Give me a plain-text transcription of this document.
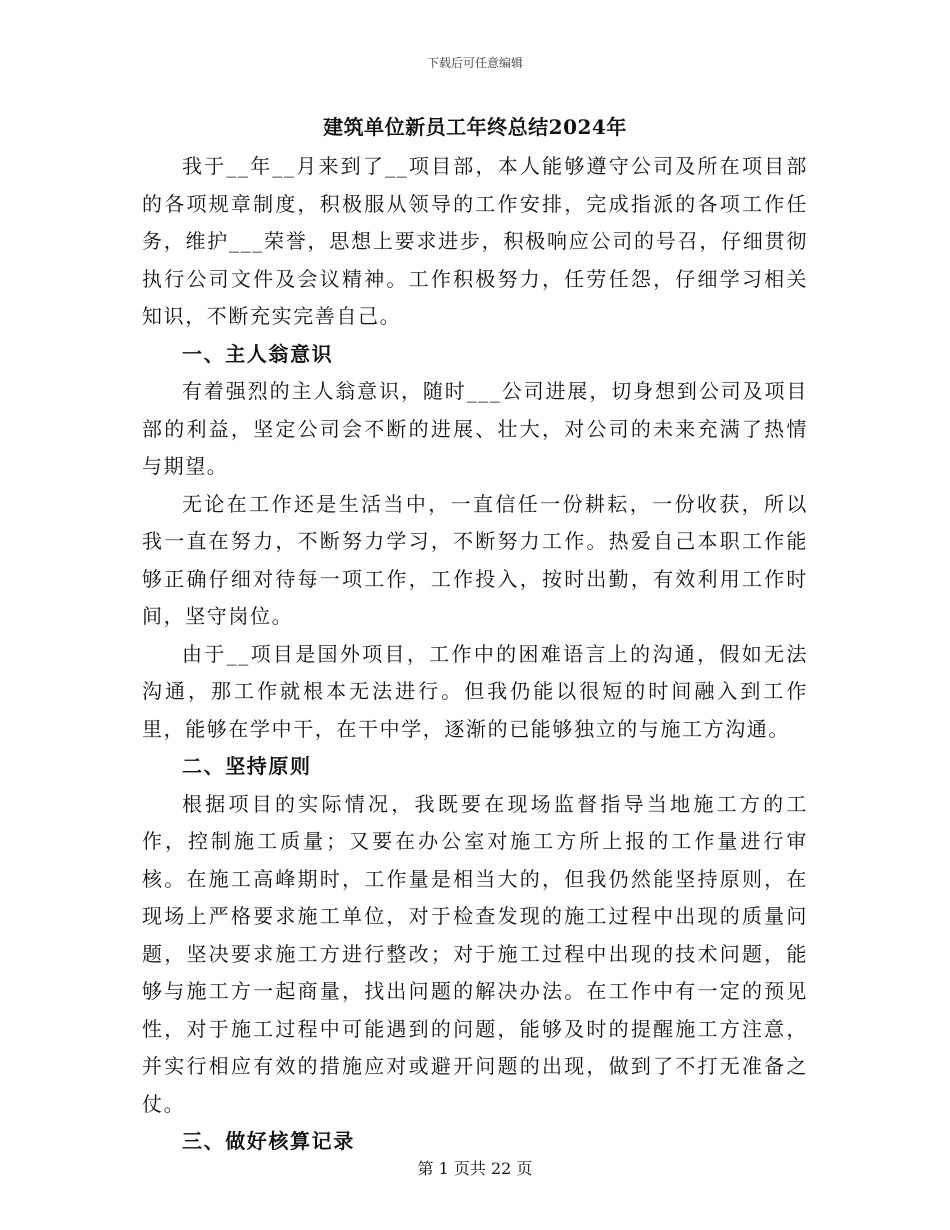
下载后可任意编辑
建筑单位新员工年终总结2024年

我于__年__月来到了__项目部，本人能够遵守公司及所在项目部的各项规章制度，积极服从领导的工作安排，完成指派的各项工作任务，维护___荣誉，思想上要求进步，积极响应公司的号召，仔细贯彻执行公司文件及会议精神。工作积极努力，任劳任怨，仔细学习相关知识，不断充实完善自己。

一、主人翁意识

有着强烈的主人翁意识，随时___公司进展，切身想到公司及项目部的利益，坚定公司会不断的进展、壮大，对公司的未来充满了热情与期望。

无论在工作还是生活当中，一直信任一份耕耘，一份收获，所以我一直在努力，不断努力学习，不断努力工作。热爱自己本职工作能够正确仔细对待每一项工作，工作投入，按时出勤，有效利用工作时间，坚守岗位。

由于__项目是国外项目，工作中的困难语言上的沟通，假如无法沟通，那工作就根本无法进行。但我仍能以很短的时间融入到工作里，能够在学中干，在干中学，逐渐的已能够独立的与施工方沟通。

二、坚持原则

根据项目的实际情况，我既要在现场监督指导当地施工方的工作，控制施工质量；又要在办公室对施工方所上报的工作量进行审核。在施工高峰期时，工作量是相当大的，但我仍然能坚持原则，在现场上严格要求施工单位，对于检查发现的施工过程中出现的质量问题，坚决要求施工方进行整改；对于施工过程中出现的技术问题，能够与施工方一起商量，找出问题的解决办法。在工作中有一定的预见性，对于施工过程中可能遇到的问题，能够及时的提醒施工方注意，并实行相应有效的措施应对或避开问题的出现，做到了不打无准备之仗。

三、做好核算记录

第 1 页共 22 页
